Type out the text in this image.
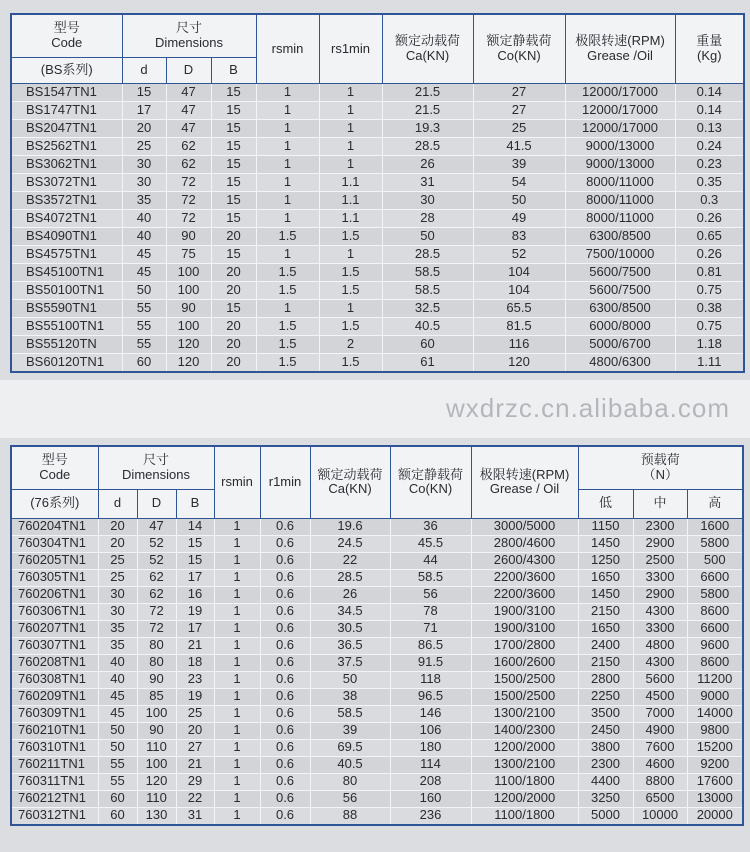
型号
Code	尺寸
Dimensions			rsmin	rs1min	额定动载荷
Ca(KN)	额定静载荷
Co(KN)	极限转速(RPM)
Grease /Oil	重量
(Kg)
(BS系列)	d	D	B						
BS1547TN1	15	47	15	1	1	21.5	27	12000/17000	0.14
BS1747TN1	17	47	15	1	1	21.5	27	12000/17000	0.14
BS2047TN1	20	47	15	1	1	19.3	25	12000/17000	0.13
BS2562TN1	25	62	15	1	1	28.5	41.5	9000/13000	0.24
BS3062TN1	30	62	15	1	1	26	39	9000/13000	0.23
BS3072TN1	30	72	15	1	1.1	31	54	8000/11000	0.35
BS3572TN1	35	72	15	1	1.1	30	50	8000/11000	0.3
BS4072TN1	40	72	15	1	1.1	28	49	8000/11000	0.26
BS4090TN1	40	90	20	1.5	1.5	50	83	6300/8500	0.65
BS4575TN1	45	75	15	1	1	28.5	52	7500/10000	0.26
BS45100TN1	45	100	20	1.5	1.5	58.5	104	5600/7500	0.81
BS50100TN1	50	100	20	1.5	1.5	58.5	104	5600/7500	0.75
BS5590TN1	55	90	15	1	1	32.5	65.5	6300/8500	0.38
BS55100TN1	55	100	20	1.5	1.5	40.5	81.5	6000/8000	0.75
BS55120TN	55	120	20	1.5	2	60	116	5000/6700	1.18
BS60120TN1	60	120	20	1.5	1.5	61	120	4800/6300	1.11
wxdrzc.cn.alibaba.com
型号
Code	尺寸
Dimensions			rsmin	r1min	额定动载荷
Ca(KN)	额定静载荷
Co(KN)	极限转速(RPM)
Grease / Oil	预载荷
（N）		
(76系列)	d	D	B						低	中	高
760204TN1	20	47	14	1	0.6	19.6	36	3000/5000	1150	2300	1600
760304TN1	20	52	15	1	0.6	24.5	45.5	2800/4600	1450	2900	5800
760205TN1	25	52	15	1	0.6	22	44	2600/4300	1250	2500	500
760305TN1	25	62	17	1	0.6	28.5	58.5	2200/3600	1650	3300	6600
760206TN1	30	62	16	1	0.6	26	56	2200/3600	1450	2900	5800
760306TN1	30	72	19	1	0.6	34.5	78	1900/3100	2150	4300	8600
760207TN1	35	72	17	1	0.6	30.5	71	1900/3100	1650	3300	6600
760307TN1	35	80	21	1	0.6	36.5	86.5	1700/2800	2400	4800	9600
760208TN1	40	80	18	1	0.6	37.5	91.5	1600/2600	2150	4300	8600
760308TN1	40	90	23	1	0.6	50	118	1500/2500	2800	5600	11200
760209TN1	45	85	19	1	0.6	38	96.5	1500/2500	2250	4500	9000
760309TN1	45	100	25	1	0.6	58.5	146	1300/2100	3500	7000	14000
760210TN1	50	90	20	1	0.6	39	106	1400/2300	2450	4900	9800
760310TN1	50	110	27	1	0.6	69.5	180	1200/2000	3800	7600	15200
760211TN1	55	100	21	1	0.6	40.5	114	1300/2100	2300	4600	9200
760311TN1	55	120	29	1	0.6	80	208	1100/1800	4400	8800	17600
760212TN1	60	110	22	1	0.6	56	160	1200/2000	3250	6500	13000
760312TN1	60	130	31	1	0.6	88	236	1100/1800	5000	10000	20000
